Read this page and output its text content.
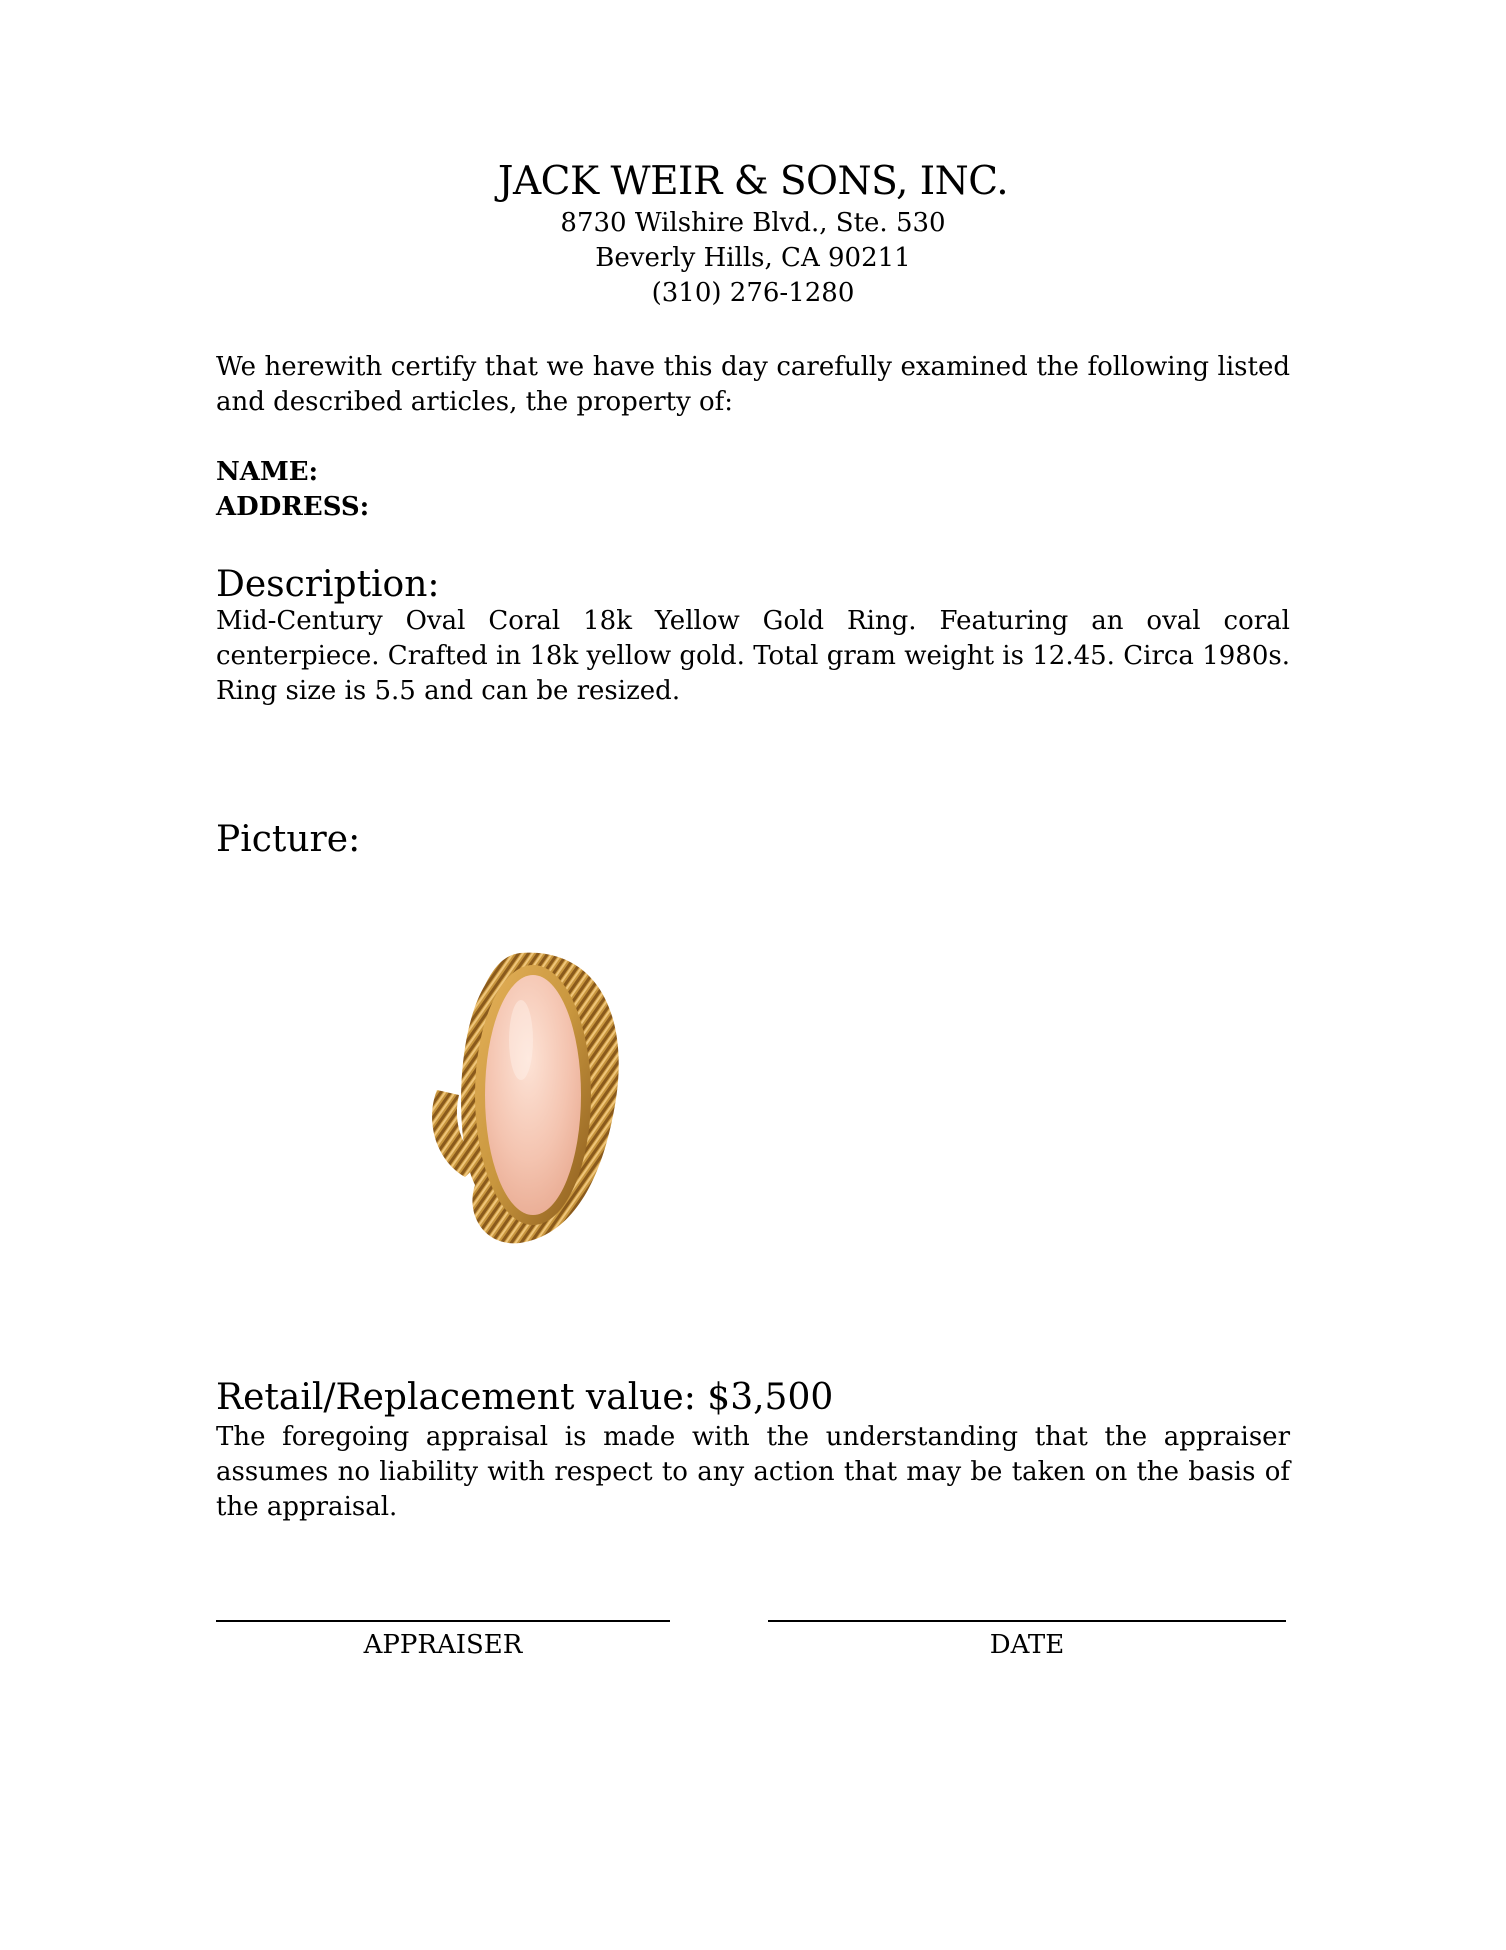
JACK WEIR & SONS, INC.
8730 Wilshire Blvd., Ste. 530
Beverly Hills, CA 90211
(310) 276-1280
We herewith certify that we have this day carefully examined the following listed and described articles, the property of:
NAME:
ADDRESS:
Description:
Mid-Century Oval Coral 18k Yellow Gold Ring. Featuring an oval coral centerpiece. Crafted in 18k yellow gold. Total gram weight is 12.45. Circa 1980s. Ring size is 5.5 and can be resized.
Picture:
Retail/Replacement value: $3,500
The foregoing appraisal is made with the understanding that the appraiser assumes no liability with respect to any action that may be taken on the basis of the appraisal.
APPRAISER	DATE
